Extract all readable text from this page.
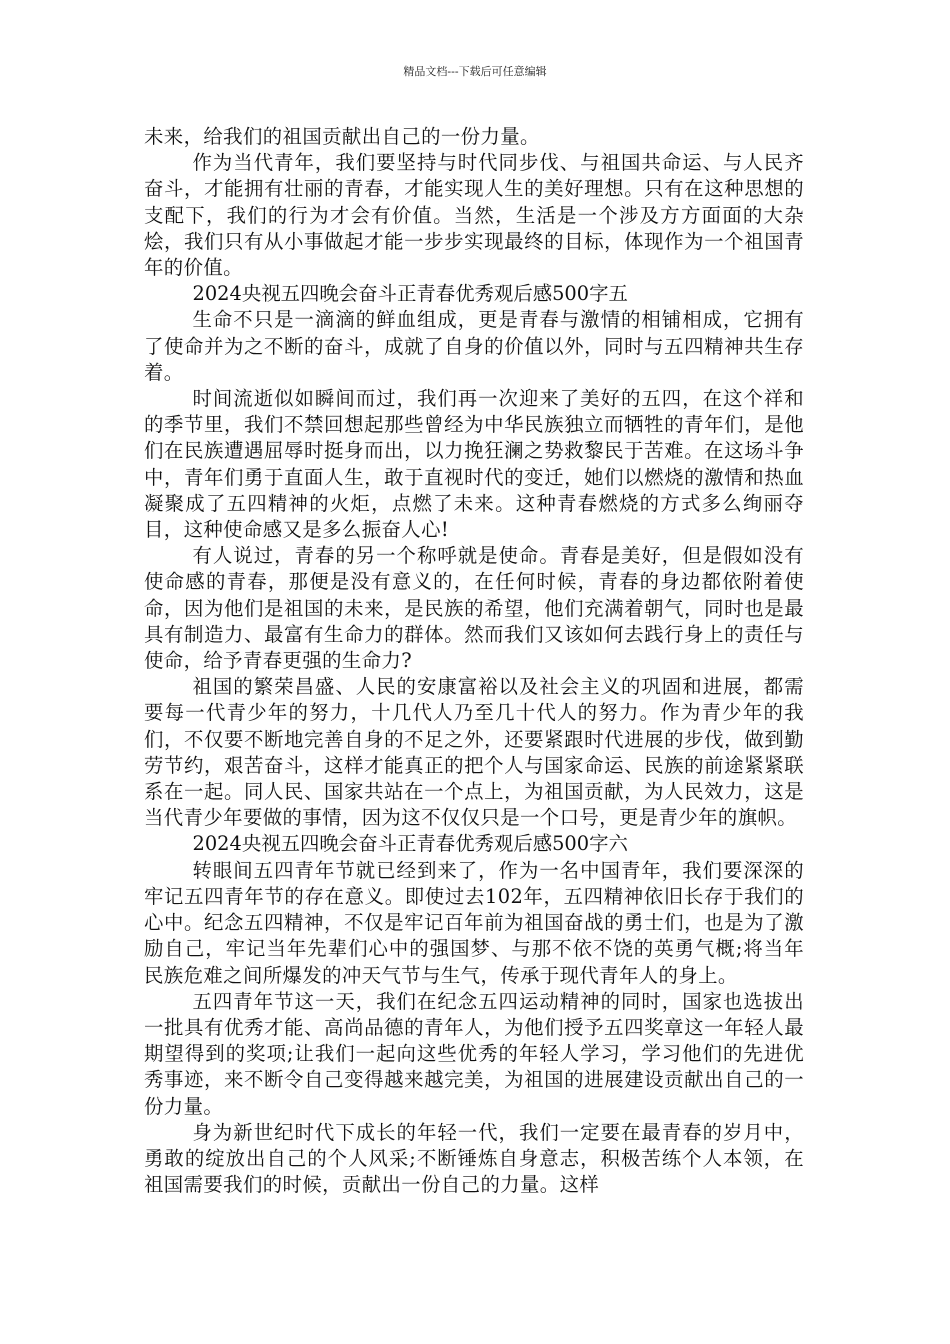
精品文档---下载后可任意编辑

未来，给我们的祖国贡献出自己的一份力量。

作为当代青年，我们要坚持与时代同步伐、与祖国共命运、与人民齐奋斗，才能拥有壮丽的青春，才能实现人生的美好理想。只有在这种思想的支配下，我们的行为才会有价值。当然，生活是一个涉及方方面面的大杂烩，我们只有从小事做起才能一步步实现最终的目标，体现作为一个祖国青年的价值。

2024央视五四晚会奋斗正青春优秀观后感500字五

生命不只是一滴滴的鲜血组成，更是青春与激情的相铺相成，它拥有了使命并为之不断的奋斗，成就了自身的价值以外，同时与五四精神共生存着。

时间流逝似如瞬间而过，我们再一次迎来了美好的五四，在这个祥和的季节里，我们不禁回想起那些曾经为中华民族独立而牺牲的青年们，是他们在民族遭遇屈辱时挺身而出，以力挽狂澜之势救黎民于苦难。在这场斗争中，青年们勇于直面人生，敢于直视时代的变迁，她们以燃烧的激情和热血凝聚成了五四精神的火炬，点燃了未来。这种青春燃烧的方式多么绚丽夺目，这种使命感又是多么振奋人心!

有人说过，青春的另一个称呼就是使命。青春是美好，但是假如没有使命感的青春，那便是没有意义的，在任何时候，青春的身边都依附着使命，因为他们是祖国的未来，是民族的希望，他们充满着朝气，同时也是最具有制造力、最富有生命力的群体。然而我们又该如何去践行身上的责任与使命，给予青春更强的生命力?

祖国的繁荣昌盛、人民的安康富裕以及社会主义的巩固和进展，都需要每一代青少年的努力，十几代人乃至几十代人的努力。作为青少年的我们，不仅要不断地完善自身的不足之外，还要紧跟时代进展的步伐，做到勤劳节约，艰苦奋斗，这样才能真正的把个人与国家命运、民族的前途紧紧联系在一起。同人民、国家共站在一个点上，为祖国贡献，为人民效力，这是当代青少年要做的事情，因为这不仅仅只是一个口号，更是青少年的旗帜。

2024央视五四晚会奋斗正青春优秀观后感500字六

转眼间五四青年节就已经到来了，作为一名中国青年，我们要深深的牢记五四青年节的存在意义。即使过去102年，五四精神依旧长存于我们的心中。纪念五四精神，不仅是牢记百年前为祖国奋战的勇士们，也是为了激励自己，牢记当年先辈们心中的强国梦、与那不依不饶的英勇气概;将当年民族危难之间所爆发的冲天气节与生气，传承于现代青年人的身上。

五四青年节这一天，我们在纪念五四运动精神的同时，国家也选拔出一批具有优秀才能、高尚品德的青年人，为他们授予五四奖章这一年轻人最期望得到的奖项;让我们一起向这些优秀的年轻人学习，学习他们的先进优秀事迹，来不断令自己变得越来越完美，为祖国的进展建设贡献出自己的一份力量。

身为新世纪时代下成长的年轻一代，我们一定要在最青春的岁月中，勇敢的绽放出自己的个人风采;不断锤炼自身意志，积极苦练个人本领，在祖国需要我们的时候，贡献出一份自己的力量。这样
